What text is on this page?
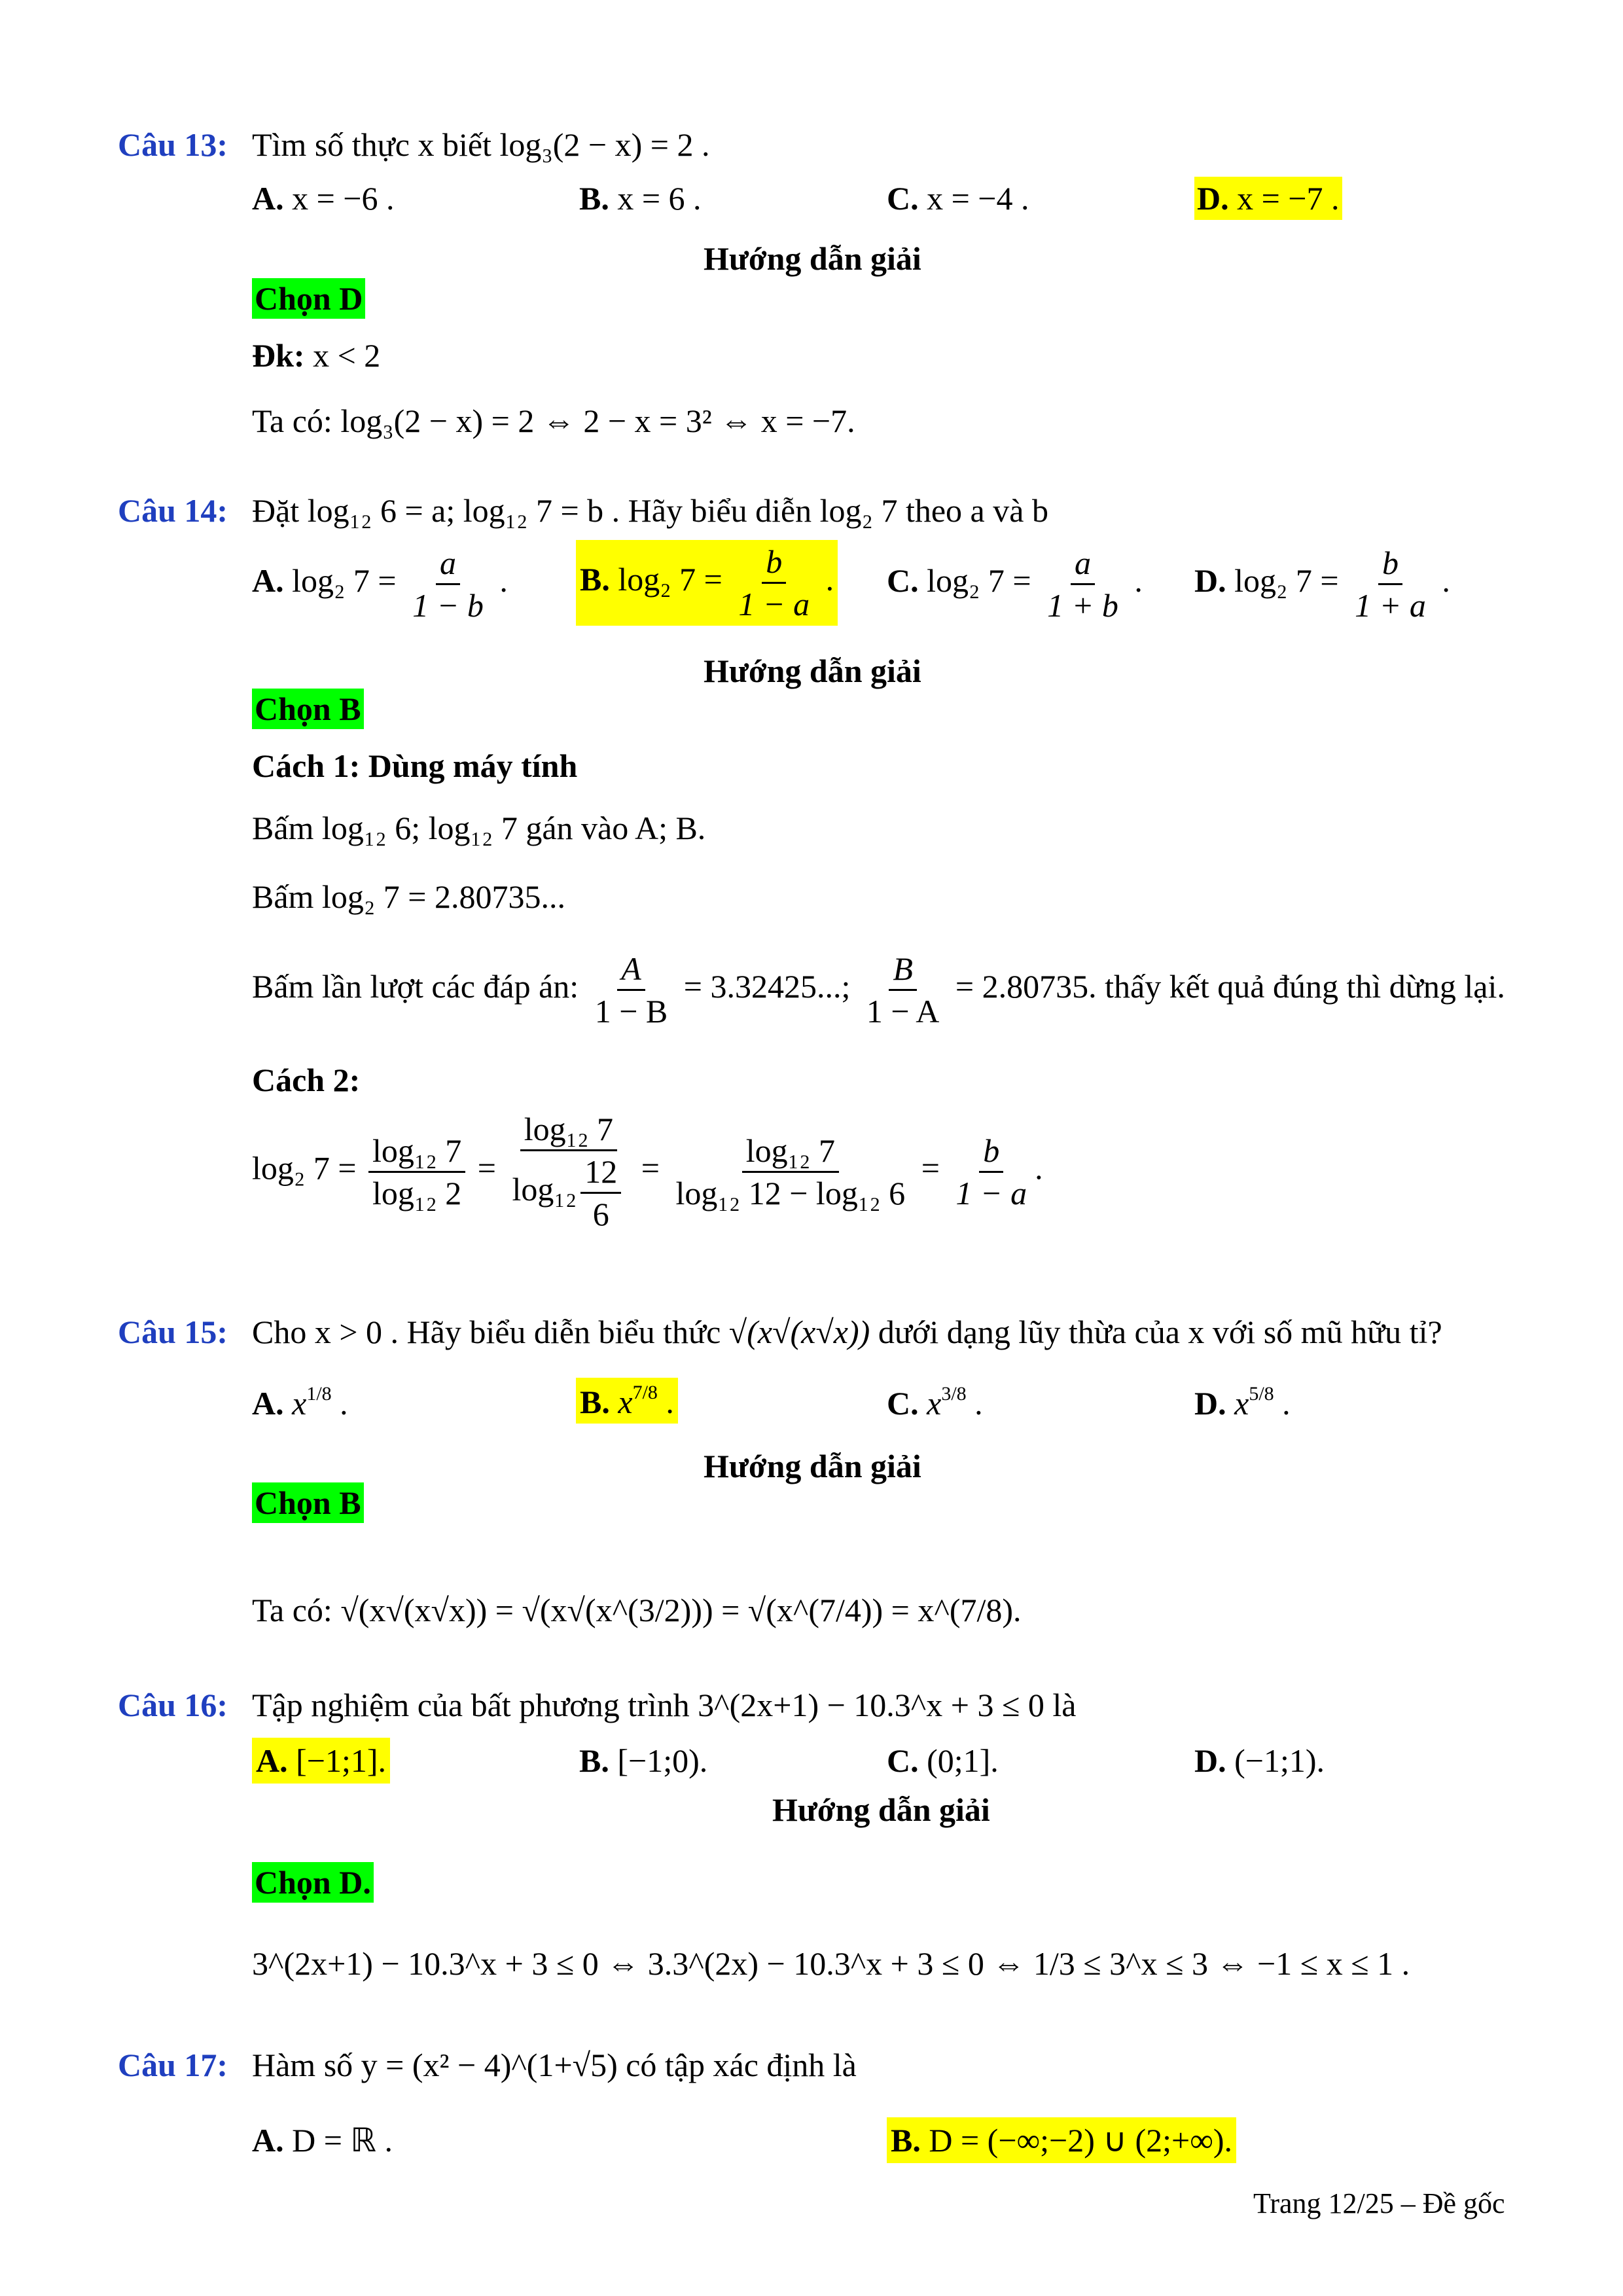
Câu 13: Tìm số thực x biết log₃(2 − x) = 2 .
A. x = −6 .	B. x = 6 .	C. x = −4 .	D. x = −7 .
Hướng dẫn giải
Chọn D
Đk: x < 2
Ta có: log₃(2 − x) = 2 ⇔ 2 − x = 3² ⇔ x = −7.
Câu 14: Đặt log₁₂ 6 = a; log₁₂ 7 = b . Hãy biểu diễn log₂ 7 theo a và b
A. log₂ $7 = \frac{a}{1 - b}$ . B. log₂ $7 = \frac{b}{1 - a}$ . C. log₂ $7 = \frac{a}{1 + b}$ . D. log₂ $7 = \frac{b}{1 + a}$ .
Hướng dẫn giải
Chọn B
Cách 1: Dùng máy tính
Bấm log₁₂ 6; log₁₂ 7 gán vào A; B.
Bấm log₂ 7 = 2.80735...
Bấm lần lượt các đáp án: $\frac{A}{1 - B} = 3.32425$...; $\frac{B}{1 - A} = 2.80735$. thấy kết quả đúng thì dừng lại.
Cách 2:
log₂ $7 = \frac{\text{log₁₂ 7}}{\text{log₁₂ 2}} = \frac{\text{log₁₂ 7}}{\log_{12} \frac{12}{6}} = \frac{\text{log₁₂ 7}}{\text{log₁₂ 12 − log₁₂ 6}} = \frac{b}{1 - a}$ .
Câu 15: Cho x > 0 . Hãy biểu diễn biểu thức √(x√(x√x)) dưới dạng lũy thừa của x với số mũ hữu tỉ?
A. $x^{1/8}$ .	B. $x^{7/8}$ .	C. $x^{3/8}$ .	D. $x^{5/8}$ .
Hướng dẫn giải
Chọn B
Ta có: √(x√(x√x)) = √(x√(x^(3/2))) = √(x^(7/4)) = x^(7/8).
Câu 16: Tập nghiệm của bất phương trình 3^(2x+1) − 10.3^x + 3 ≤ 0 là
A. [−1;1].	B. [−1;0).	C. (0;1].	D. (−1;1).
Hướng dẫn giải
Chọn D.
3^(2x+1) − 10.3^x + 3 ≤ 0 ⇔ 3.3^(2x) − 10.3^x + 3 ≤ 0 ⇔ 1/3 ≤ 3^x ≤ 3 ⇔ −1 ≤ x ≤ 1 .
Câu 17: Hàm số y = (x² − 4)^(1+√5) có tập xác định là
A. D = ℝ .	B. D = (−∞;−2) ∪ (2;+∞).
Trang 12/25 – Đề gốc
